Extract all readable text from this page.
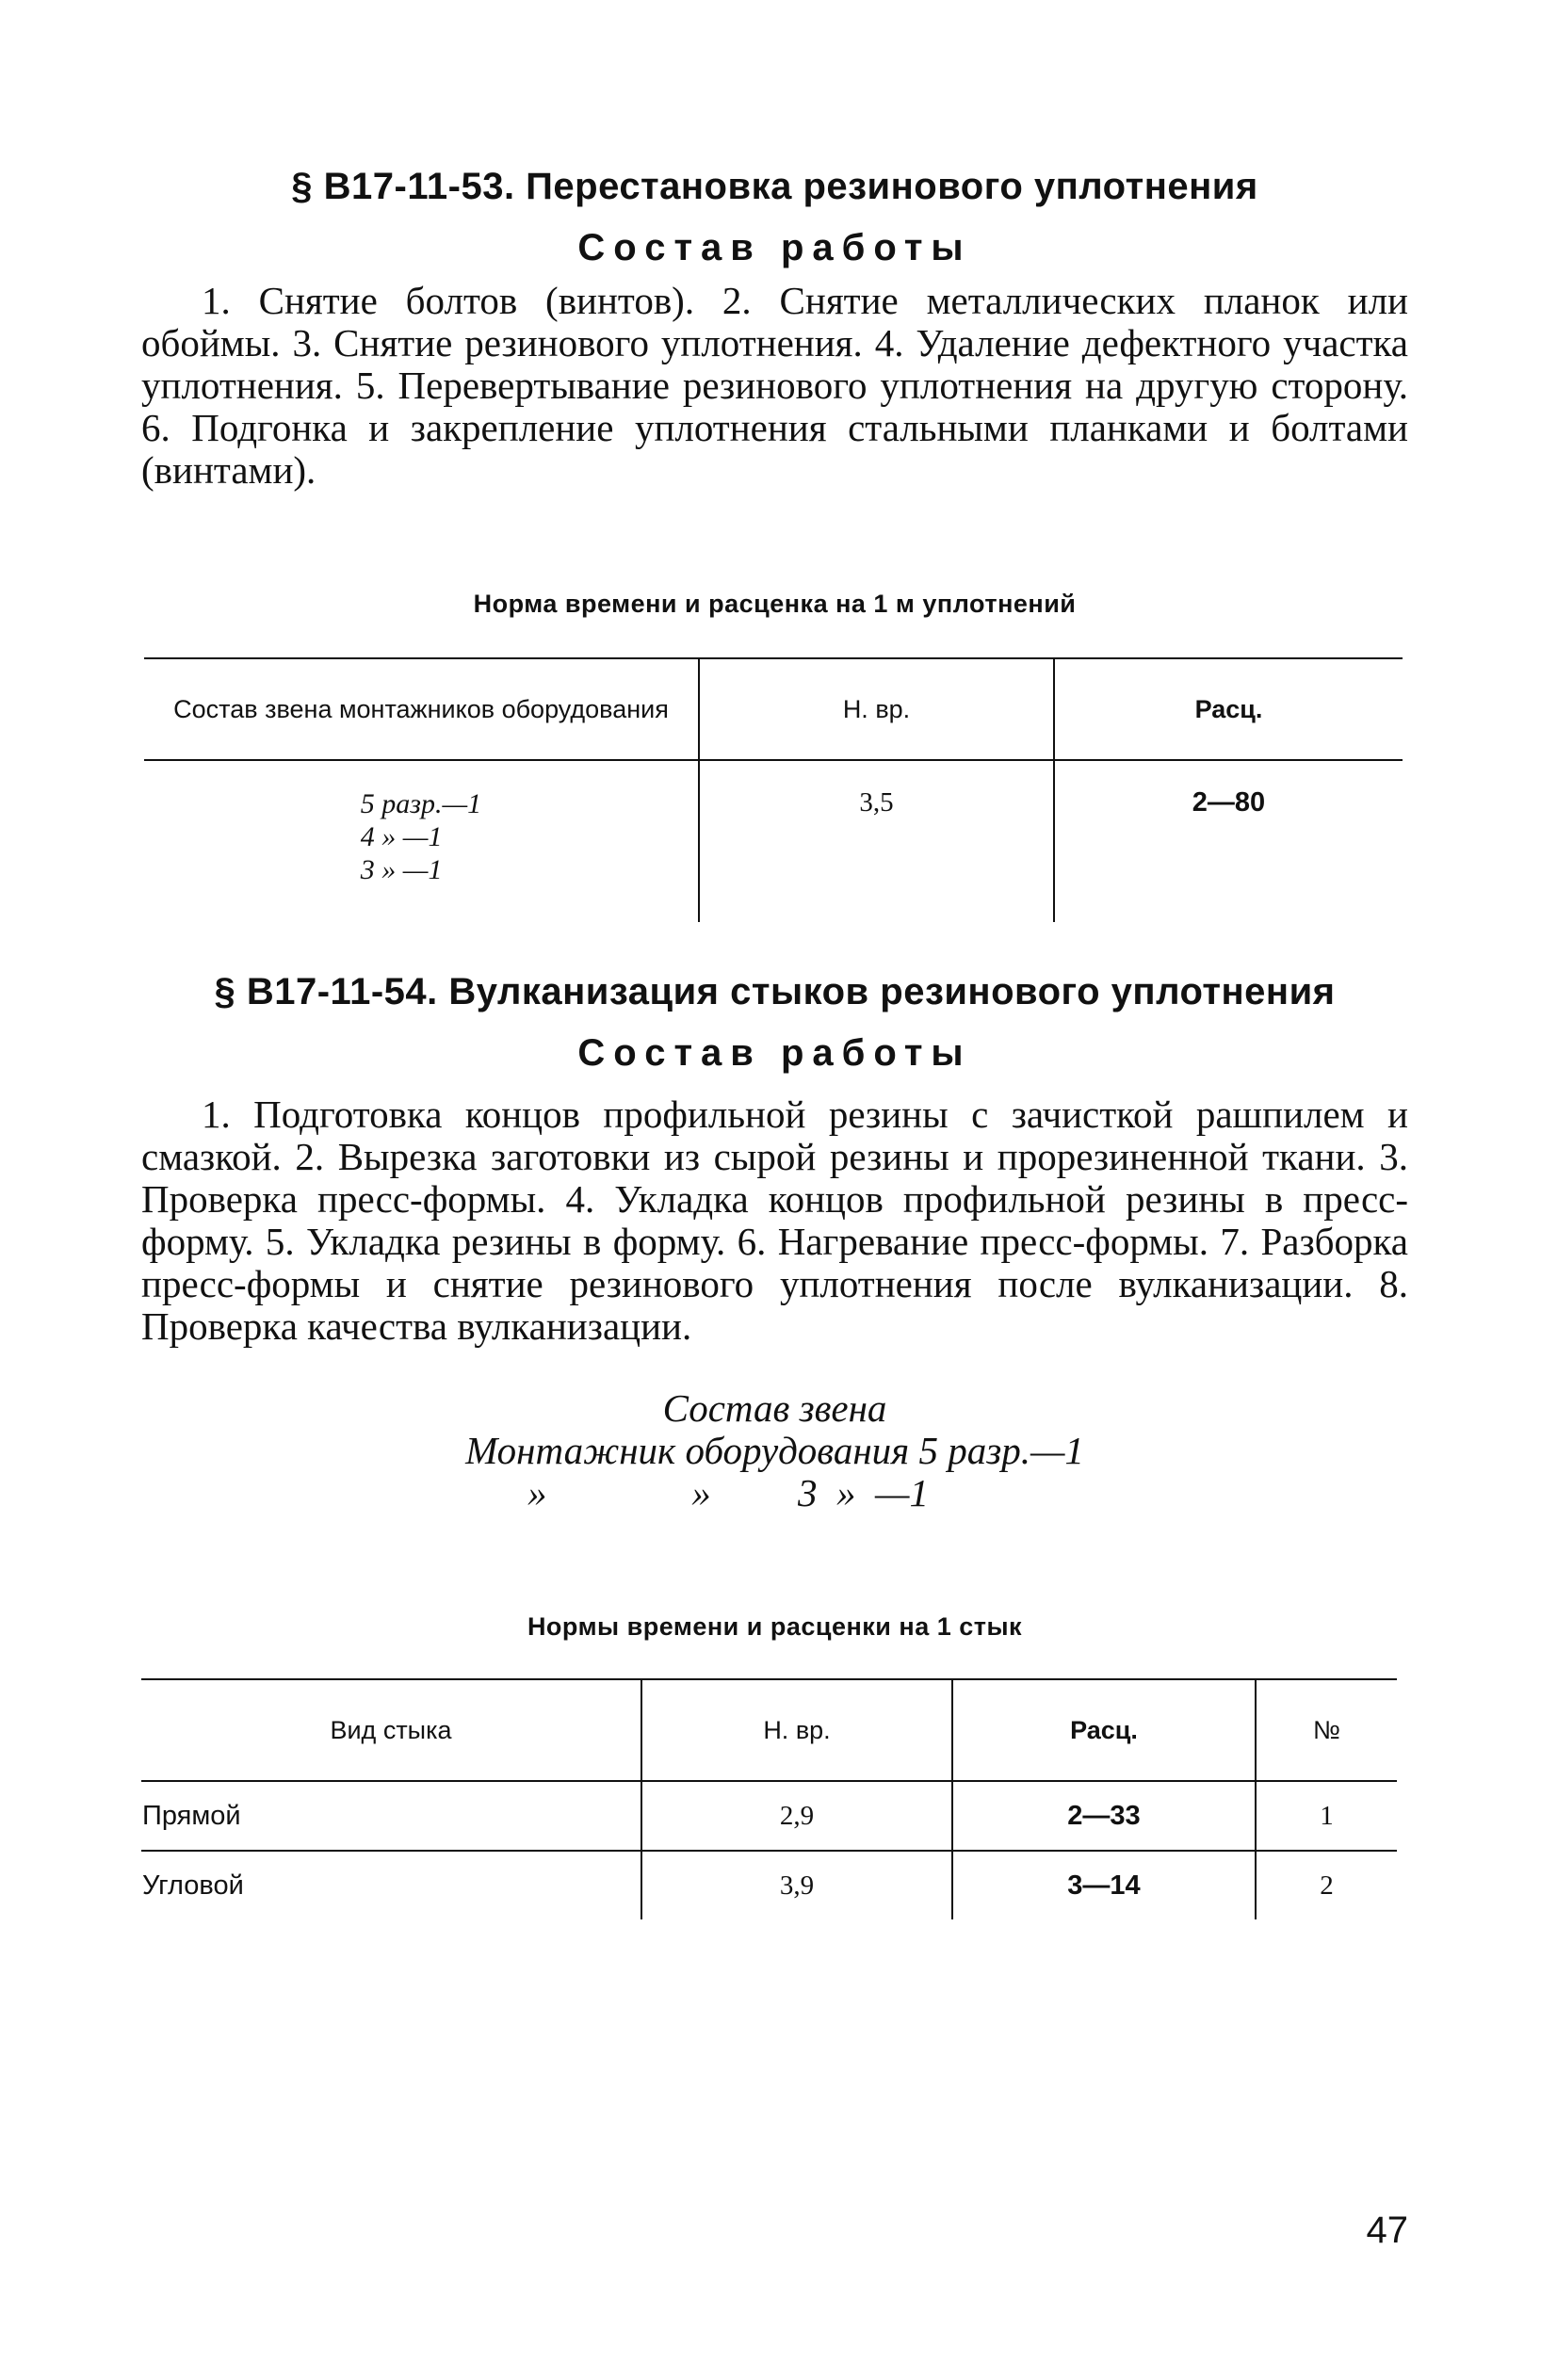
§ В17-11-53. Перестановка резинового уплотнения
Состав работы

1. Снятие болтов (винтов). 2. Снятие металлических планок или обоймы. 3. Снятие резинового уплотнения. 4. Удаление дефектного участка уплотнения. 5. Перевертывание резинового уплотнения на другую сторону. 6. Подгонка и закрепление уплотнения стальными планками и болтами (винтами).

Норма времени и расценка на 1 м уплотнений

Состав звена монтажников оборудования	Н. вр.	Расц.
5 разр.—1
4 » —1
3 » —1	3,5	2—80
§ В17-11-54. Вулканизация стыков резинового уплотнения
Состав работы

1. Подготовка концов профильной резины с зачисткой рашпилем и смазкой. 2. Вырезка заготовки из сырой резины и прорезиненной ткани. 3. Проверка пресс-формы. 4. Укладка концов профильной резины в пресс-форму. 5. Укладка резины в форму. 6. Нагревание пресс-формы. 7. Разборка пресс-формы и снятие резинового уплотнения после вулканизации. 8. Проверка качества вулканизации.

Состав звена

Монтажник оборудования 5 разр.—1

»               »         3  »  —1

Нормы времени и расценки на 1 стык

Вид стыка	Н. вр.	Расц.	№
Прямой	2,9	2—33	1
Угловой	3,9	3—14	2

47
